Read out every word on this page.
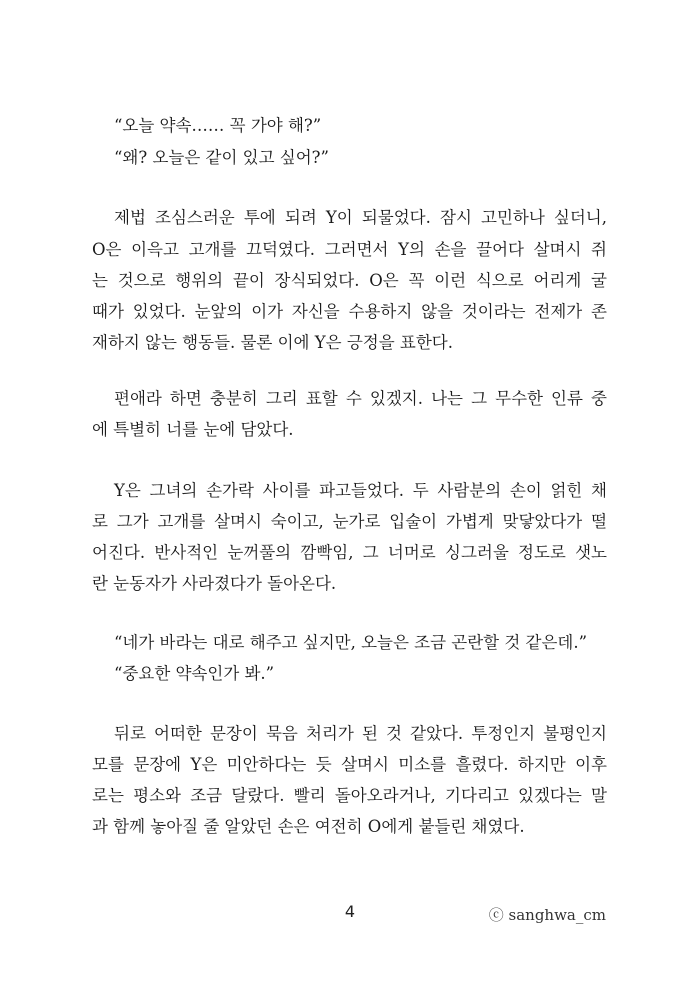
“오늘 약속…… 꼭 가야 해?”
“왜? 오늘은 같이 있고 싶어?”
제법 조심스러운 투에 되려 Y이 되물었다. 잠시 고민하나 싶더니,
O은 이윽고 고개를 끄덕였다. 그러면서 Y의 손을 끌어다 살며시 쥐
는 것으로 행위의 끝이 장식되었다. O은 꼭 이런 식으로 어리게 굴
때가 있었다. 눈앞의 이가 자신을 수용하지 않을 것이라는 전제가 존
재하지 않는 행동들. 물론 이에 Y은 긍정을 표한다.
편애라 하면 충분히 그리 표할 수 있겠지. 나는 그 무수한 인류 중
에 특별히 너를 눈에 담았다.
Y은 그녀의 손가락 사이를 파고들었다. 두 사람분의 손이 얽힌 채
로 그가 고개를 살며시 숙이고, 눈가로 입술이 가볍게 맞닿았다가 떨
어진다. 반사적인 눈꺼풀의 깜빡임, 그 너머로 싱그러울 정도로 샛노
란 눈동자가 사라졌다가 돌아온다.
“네가 바라는 대로 해주고 싶지만, 오늘은 조금 곤란할 것 같은데.”
“중요한 약속인가 봐.”
뒤로 어떠한 문장이 묵음 처리가 된 것 같았다. 투정인지 불평인지
모를 문장에 Y은 미안하다는 듯 살며시 미소를 흘렸다. 하지만 이후
로는 평소와 조금 달랐다. 빨리 돌아오라거나, 기다리고 있겠다는 말
과 함께 놓아질 줄 알았던 손은 여전히 O에게 붙들린 채였다.
4	ⓒ sanghwa_cm
